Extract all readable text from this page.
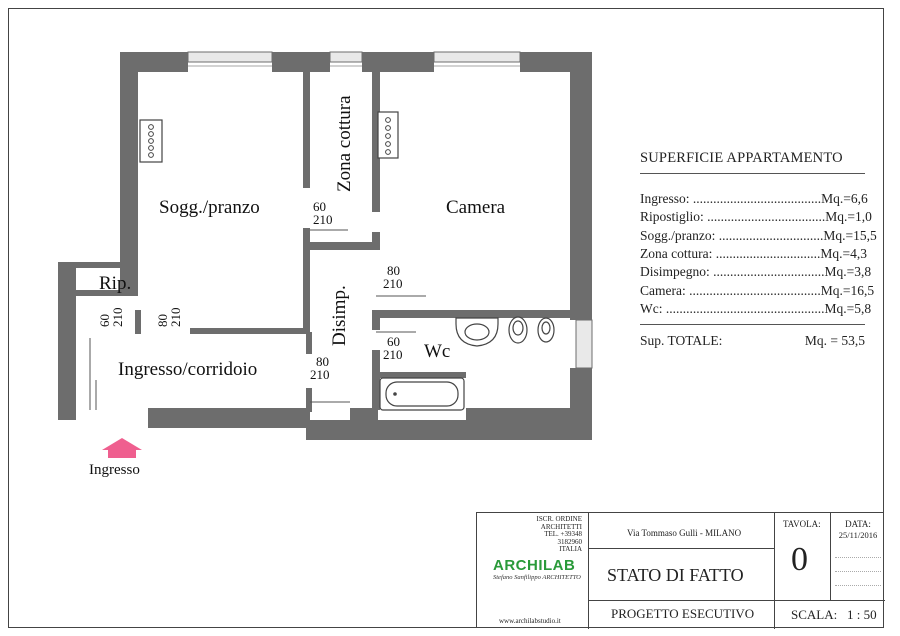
Sogg./pranzo
Zona cottura
Camera
Rip.
Disimp.
Ingresso/corridoio
Wc
60
210
80
210
60
210
80
210
80
210
60
210
Ingresso
SUPERFICIE APPARTAMENTO
Ingresso: ...................................... Mq.= 6,6
Ripostiglio: ................................... Mq.= 1,0
Sogg./pranzo: ............................... Mq.= 15,5
Zona cottura: ............................... Mq.= 4,3
Disimpegno: ................................. Mq.= 3,8
Camera: ....................................... Mq.= 16,5
Wc: ............................................... Mq.= 5,8
Sup. TOTALE:	Mq. = 53,5
ISCR. ORDINE
ARCHITETTI
TEL. +39348
3182960
ITALIA
ARCHILAB
Stefano Sanfilippo ARCHITETTO
www.archilabstudio.it
Via Tommaso Gulli - MILANO
STATO DI FATTO
PROGETTO ESECUTIVO
TAVOLA:
0
DATA:
25/11/2016
SCALA: 1 : 50
